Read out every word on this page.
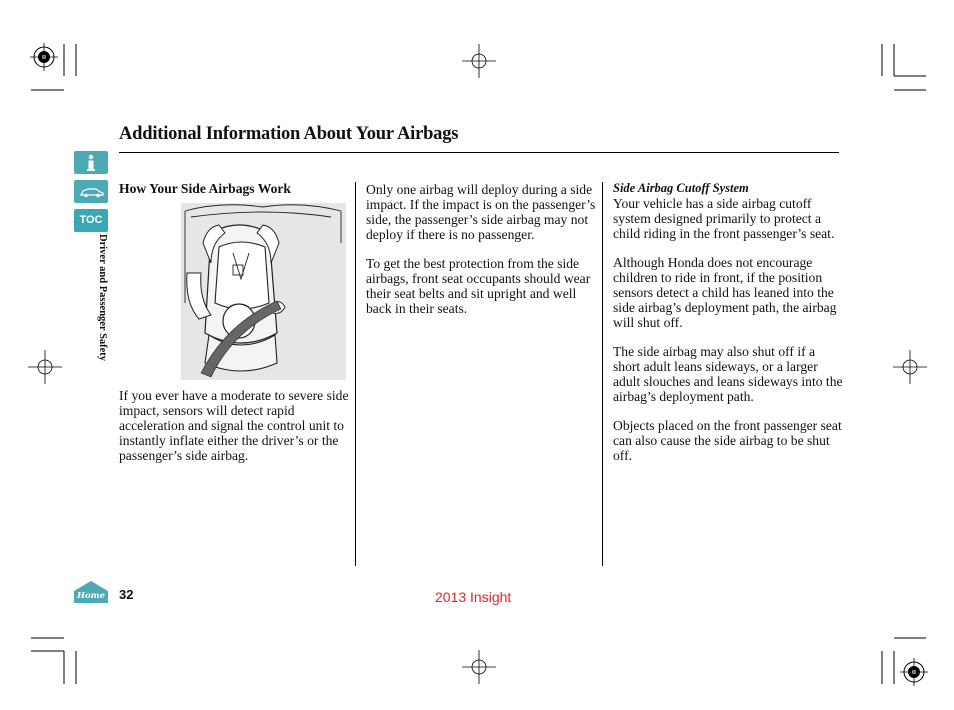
TOC
Driver and Passenger Safety
Additional Information About Your Airbags
How Your Side Airbags Work

If you ever have a moderate to severe side impact, sensors will detect rapid acceleration and signal the control unit to instantly inflate either the driver’s or the passenger’s side airbag.

Only one airbag will deploy during a side impact. If the impact is on the passenger’s side, the passenger’s side airbag may not deploy if there is no passenger.

To get the best protection from the side airbags, front seat occupants should wear their seat belts and sit upright and well back in their seats.

Side Airbag Cutoff System

Your vehicle has a side airbag cutoff system designed primarily to protect a child riding in the front passenger’s seat.

Although Honda does not encourage children to ride in front, if the position sensors detect a child has leaned into the side airbag’s deployment path, the airbag will shut off.

The side airbag may also shut off if a short adult leans sideways, or a larger adult slouches and leans sideways into the airbag’s deployment path.

Objects placed on the front passenger seat can also cause the side airbag to be shut off.

Home 32	2013 Insight
